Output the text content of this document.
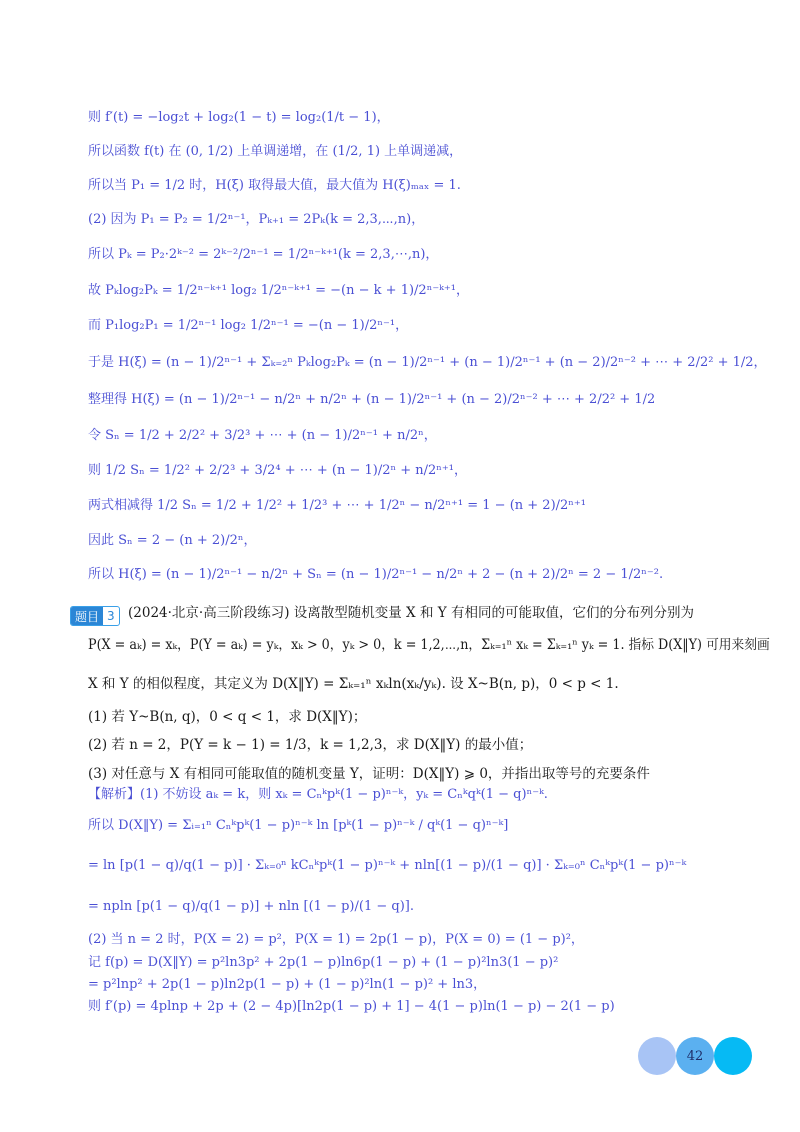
题目 3
42
则 f′(t) = −log₂t + log₂(1 − t) = log₂(1/t − 1)，
所以函数 f(t) 在 (0, 1/2) 上单调递增，在 (1/2, 1) 上单调递减，
所以当 P₁ = 1/2 时，H(ξ) 取得最大值，最大值为 H(ξ)ₘₐₓ = 1.
(2) 因为 P₁ = P₂ = 1/2ⁿ⁻¹，Pₖ₊₁ = 2Pₖ(k = 2,3,⋯,n)，
所以 Pₖ = P₂·2ᵏ⁻² = 2ᵏ⁻²/2ⁿ⁻¹ = 1/2ⁿ⁻ᵏ⁺¹(k = 2,3,⋯,n)，
故 Pₖlog₂Pₖ = 1/2ⁿ⁻ᵏ⁺¹ log₂ 1/2ⁿ⁻ᵏ⁺¹ = −(n − k + 1)/2ⁿ⁻ᵏ⁺¹，
而 P₁log₂P₁ = 1/2ⁿ⁻¹ log₂ 1/2ⁿ⁻¹ = −(n − 1)/2ⁿ⁻¹，
于是 H(ξ) = (n − 1)/2ⁿ⁻¹ + Σₖ₌₂ⁿ Pₖlog₂Pₖ = (n − 1)/2ⁿ⁻¹ + (n − 1)/2ⁿ⁻¹ + (n − 2)/2ⁿ⁻² + ⋯ + 2/2² + 1/2，
整理得 H(ξ) = (n − 1)/2ⁿ⁻¹ − n/2ⁿ + n/2ⁿ + (n − 1)/2ⁿ⁻¹ + (n − 2)/2ⁿ⁻² + ⋯ + 2/2² + 1/2
令 Sₙ = 1/2 + 2/2² + 3/2³ + ⋯ + (n − 1)/2ⁿ⁻¹ + n/2ⁿ，
则 1/2 Sₙ = 1/2² + 2/2³ + 3/2⁴ + ⋯ + (n − 1)/2ⁿ + n/2ⁿ⁺¹，
两式相减得 1/2 Sₙ = 1/2 + 1/2² + 1/2³ + ⋯ + 1/2ⁿ − n/2ⁿ⁺¹ = 1 − (n + 2)/2ⁿ⁺¹
因此 Sₙ = 2 − (n + 2)/2ⁿ，
所以 H(ξ) = (n − 1)/2ⁿ⁻¹ − n/2ⁿ + Sₙ = (n − 1)/2ⁿ⁻¹ − n/2ⁿ + 2 − (n + 2)/2ⁿ = 2 − 1/2ⁿ⁻².
(2024·北京·高三阶段练习) 设离散型随机变量 X 和 Y 有相同的可能取值，它们的分布列分别为
P(X = aₖ) = xₖ，P(Y = aₖ) = yₖ，xₖ > 0，yₖ > 0，k = 1,2,⋯,n，Σₖ₌₁ⁿ xₖ = Σₖ₌₁ⁿ yₖ = 1. 指标 D(X‖Y) 可用来刻画
X 和 Y 的相似程度，其定义为 D(X‖Y) = Σₖ₌₁ⁿ xₖln(xₖ/yₖ). 设 X~B(n, p)，0 < p < 1.
(1) 若 Y~B(n, q)，0 < q < 1，求 D(X‖Y)；
(2) 若 n = 2，P(Y = k − 1) = 1/3，k = 1,2,3，求 D(X‖Y) 的最小值；
(3) 对任意与 X 有相同可能取值的随机变量 Y，证明：D(X‖Y) ⩾ 0，并指出取等号的充要条件
【解析】(1) 不妨设 aₖ = k，则 xₖ = Cₙᵏpᵏ(1 − p)ⁿ⁻ᵏ，yₖ = Cₙᵏqᵏ(1 − q)ⁿ⁻ᵏ.
所以 D(X‖Y) = Σᵢ₌₁ⁿ Cₙᵏpᵏ(1 − p)ⁿ⁻ᵏ ln [pᵏ(1 − p)ⁿ⁻ᵏ / qᵏ(1 − q)ⁿ⁻ᵏ]
= ln [p(1 − q)/q(1 − p)] · Σₖ₌₀ⁿ kCₙᵏpᵏ(1 − p)ⁿ⁻ᵏ + nln[(1 − p)/(1 − q)] · Σₖ₌₀ⁿ Cₙᵏpᵏ(1 − p)ⁿ⁻ᵏ
= npln [p(1 − q)/q(1 − p)] + nln [(1 − p)/(1 − q)].
(2) 当 n = 2 时，P(X = 2) = p²，P(X = 1) = 2p(1 − p)，P(X = 0) = (1 − p)²，
记 f(p) = D(X‖Y) = p²ln3p² + 2p(1 − p)ln6p(1 − p) + (1 − p)²ln3(1 − p)²
= p²lnp² + 2p(1 − p)ln2p(1 − p) + (1 − p)²ln(1 − p)² + ln3，
则 f′(p) = 4plnp + 2p + (2 − 4p)[ln2p(1 − p) + 1] − 4(1 − p)ln(1 − p) − 2(1 − p)
